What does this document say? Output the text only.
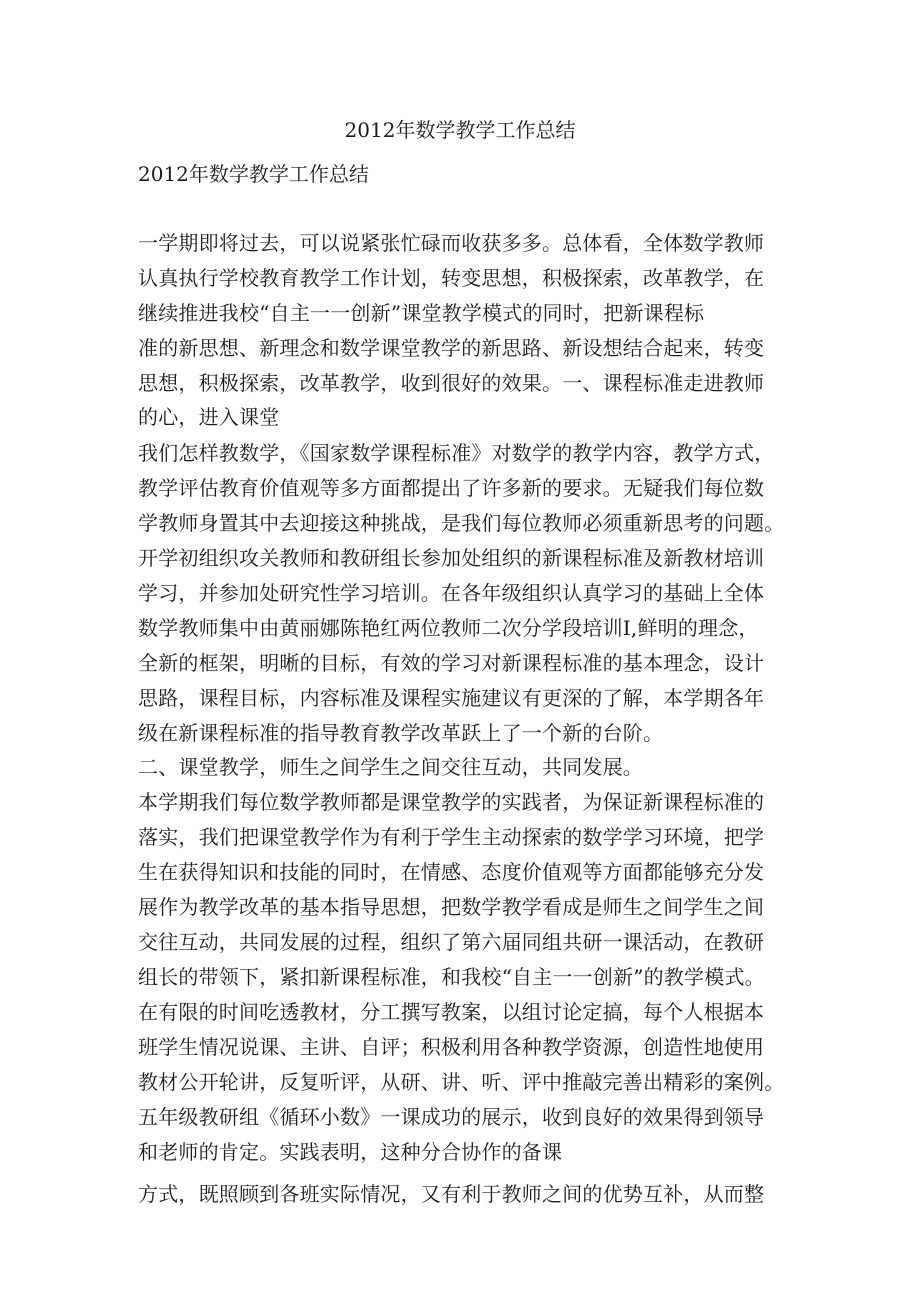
2012年数学教学工作总结
2012年数学教学工作总结
一学期即将过去，可以说紧张忙碌而收获多多。总体看，全体数学教师
认真执行学校教育教学工作计划，转变思想，积极探索，改革教学，在
继续推进我校“自主一一创新”课堂教学模式的同时，把新课程标
准的新思想、新理念和数学课堂教学的新思路、新设想结合起来，转变
思想，积极探索，改革教学，收到很好的效果。一、课程标准走进教师
的心，进入课堂
我们怎样教数学，《国家数学课程标准》对数学的教学内容，教学方式，
教学评估教育价值观等多方面都提出了许多新的要求。无疑我们每位数
学教师身置其中去迎接这种挑战，是我们每位教师必须重新思考的问题。
开学初组织攻关教师和教研组长参加处组织的新课程标准及新教材培训
学习，并参加处研究性学习培训。在各年级组织认真学习的基础上全体
数学教师集中由黄丽娜陈艳红两位教师二次分学段培训Ⅰ,鲜明的理念，
全新的框架，明晰的目标，有效的学习对新课程标准的基本理念，设计
思路，课程目标，内容标准及课程实施建议有更深的了解，本学期各年
级在新课程标准的指导教育教学改革跃上了一个新的台阶。
二、课堂教学，师生之间学生之间交往互动，共同发展。
本学期我们每位数学教师都是课堂教学的实践者，为保证新课程标准的
落实，我们把课堂教学作为有利于学生主动探索的数学学习环境，把学
生在获得知识和技能的同时，在情感、态度价值观等方面都能够充分发
展作为教学改革的基本指导思想，把数学教学看成是师生之间学生之间
交往互动，共同发展的过程，组织了第六届同组共研一课活动，在教研
组长的带领下，紧扣新课程标准，和我校“自主一一创新”的教学模式。
在有限的时间吃透教材，分工撰写教案，以组讨论定搞，每个人根据本
班学生情况说课、主讲、自评；积极利用各种教学资源，创造性地使用
教材公开轮讲，反复听评，从研、讲、听、评中推敲完善出精彩的案例。
五年级教研组《循环小数》一课成功的展示，收到良好的效果得到领导
和老师的肯定。实践表明，这种分合协作的备课
方式，既照顾到各班实际情况，又有利于教师之间的优势互补，从而整
